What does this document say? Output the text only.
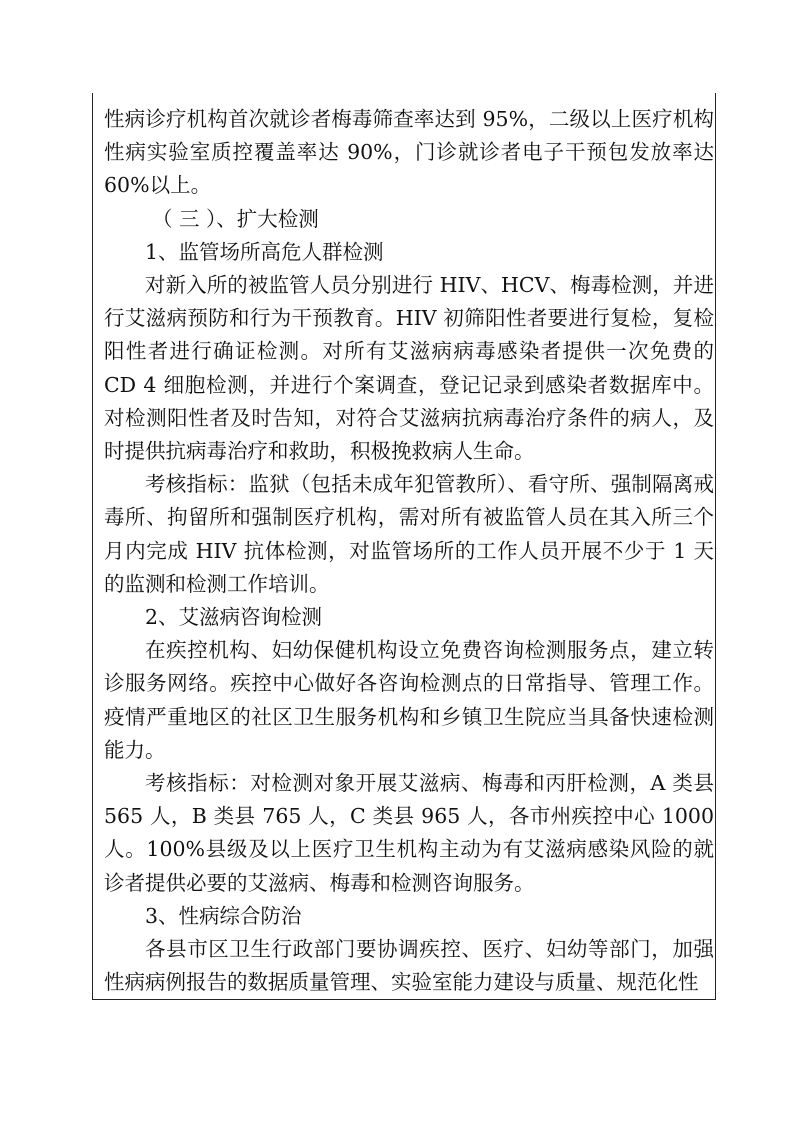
性病诊疗机构首次就诊者梅毒筛查率达到 95%，二级以上医疗机构性病实验室质控覆盖率达 90%，门诊就诊者电子干预包发放率达60%以上。

（ 三 ）、扩大检测

1、监管场所高危人群检测

对新入所的被监管人员分别进行 HIV、HCV、梅毒检测，并进行艾滋病预防和行为干预教育。HIV 初筛阳性者要进行复检，复检阳性者进行确证检测。对所有艾滋病病毒感染者提供一次免费的 CD 4 细胞检测，并进行个案调查，登记记录到感染者数据库中。对检测阳性者及时告知，对符合艾滋病抗病毒治疗条件的病人，及时提供抗病毒治疗和救助，积极挽救病人生命。

考核指标：监狱（包括未成年犯管教所）、看守所、强制隔离戒毒所、拘留所和强制医疗机构，需对所有被监管人员在其入所三个月内完成 HIV 抗体检测，对监管场所的工作人员开展不少于 1 天的监测和检测工作培训。

2、艾滋病咨询检测

在疾控机构、妇幼保健机构设立免费咨询检测服务点，建立转诊服务网络。疾控中心做好各咨询检测点的日常指导、管理工作。疫情严重地区的社区卫生服务机构和乡镇卫生院应当具备快速检测能力。

考核指标：对检测对象开展艾滋病、梅毒和丙肝检测，A 类县 565 人，B 类县 765 人，C 类县 965 人，各市州疾控中心 1000 人。100%县级及以上医疗卫生机构主动为有艾滋病感染风险的就诊者提供必要的艾滋病、梅毒和检测咨询服务。

3、性病综合防治

各县市区卫生行政部门要协调疾控、医疗、妇幼等部门，加强性病病例报告的数据质量管理、实验室能力建设与质量、规范化性
